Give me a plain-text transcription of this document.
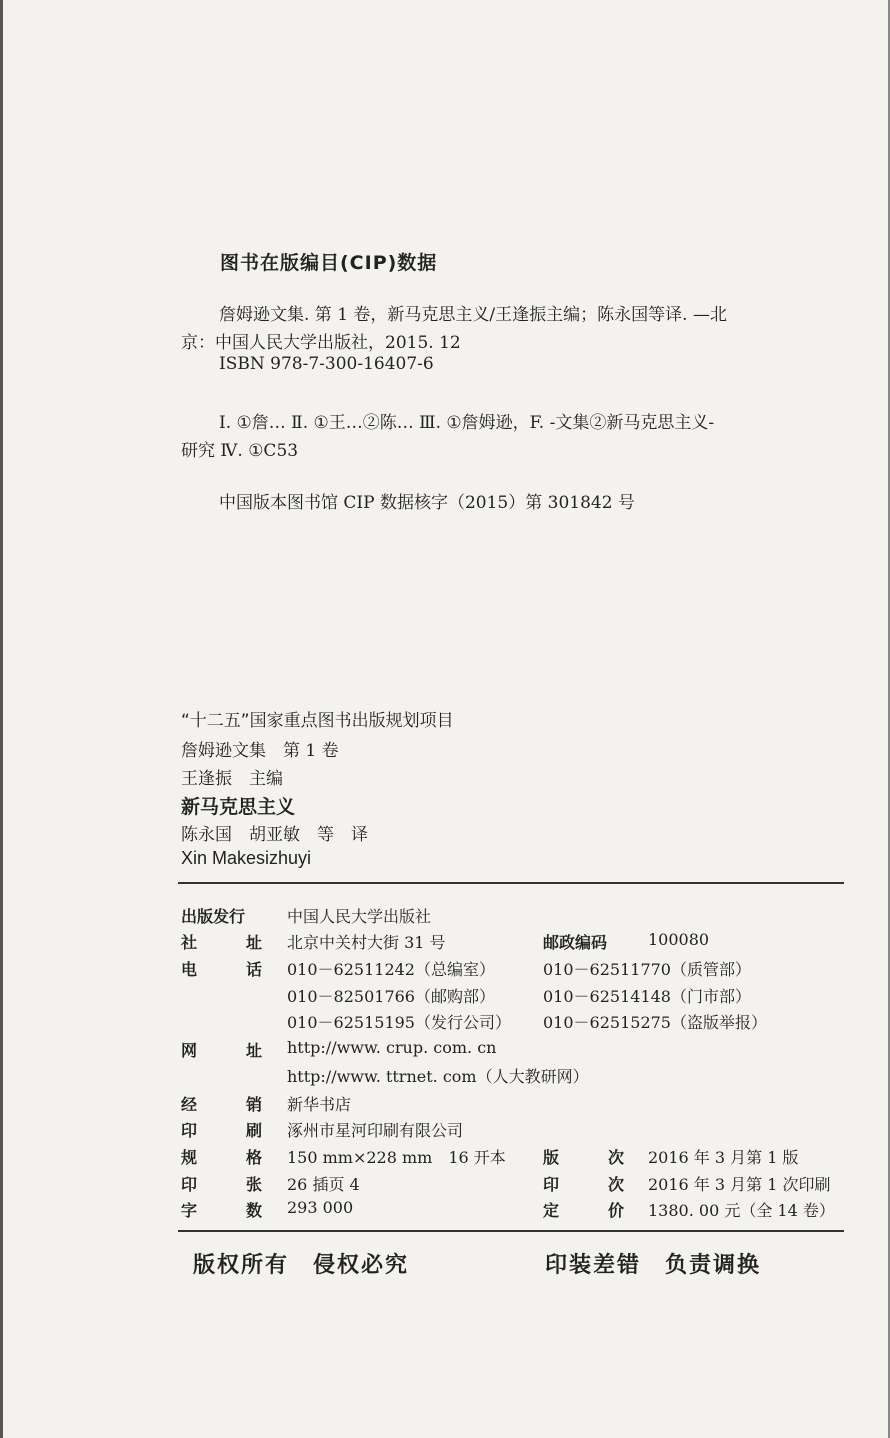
图书在版编目(CIP)数据
詹姆逊文集. 第 1 卷，新马克思主义/王逢振主编；陈永国等译. —北
京：中国人民大学出版社，2015. 12
ISBN 978-7-300-16407-6
Ⅰ. ①詹… Ⅱ. ①王…②陈… Ⅲ. ①詹姆逊，F. -文集②新马克思主义-
研究 Ⅳ. ①C53
中国版本图书馆 CIP 数据核字（2015）第 301842 号
“十二五”国家重点图书出版规划项目
詹姆逊文集　第 1 卷
王逢振　主编
新马克思主义
陈永国　胡亚敏　等　译
Xin Makesizhuyi
出版发行	中国人民大学出版社
社	址 北京中关村大街 31 号	邮政编码	100080
电	话 010－62511242（总编室）	010－62511770（质管部）
010－82501766（邮购部）	010－62514148（门市部）
010－62515195（发行公司） 010－62515275（盗版举报）
网	址 http://www. crup. com. cn
http://www. ttrnet. com（人大教研网）
经	销 新华书店
印	刷 涿州市星河印刷有限公司
规	格 150 mm×228 mm　16 开本 版	次 2016 年 3 月第 1 版
印	张 26 插页 4	印	次 2016 年 3 月第 1 次印刷
字	数 293 000	定	价 1380. 00 元（全 14 卷）
版权所有　侵权必究	印装差错　负责调换
